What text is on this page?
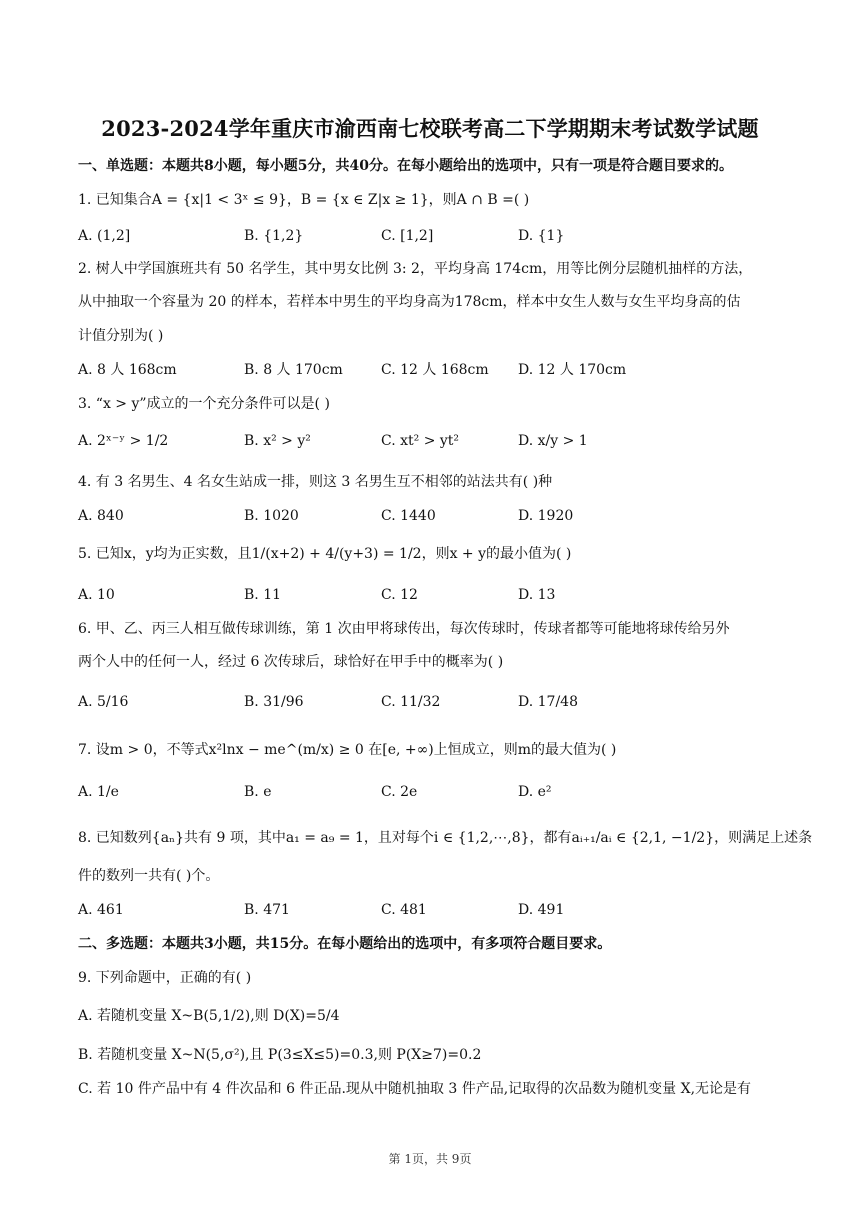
2023-2024学年重庆市渝西南七校联考高二下学期期末考试数学试题
一、单选题：本题共8小题，每小题5分，共40分。在每小题给出的选项中，只有一项是符合题目要求的。
1. 已知集合A = {x|1 < 3ˣ ≤ 9}，B = {x ∈ Z|x ≥ 1}，则A ∩ B =( )
A. (1,2]	B. {1,2}	C. [1,2]	D. {1}
2. 树人中学国旗班共有 50 名学生，其中男女比例 3: 2，平均身高 174cm，用等比例分层随机抽样的方法，
从中抽取一个容量为 20 的样本，若样本中男生的平均身高为178cm，样本中女生人数与女生平均身高的估
计值分别为( )
A. 8 人 168cm	B. 8 人 170cm	C. 12 人 168cm D. 12 人 170cm
3. “x > y”成立的一个充分条件可以是( )
A. 2ˣ⁻ʸ > 1/2	B. x² > y²	C. xt² > yt²	D. x/y > 1
4. 有 3 名男生、4 名女生站成一排，则这 3 名男生互不相邻的站法共有( )种
A. 840	B. 1020	C. 1440	D. 1920
5. 已知x，y均为正实数，且1/(x+2) + 4/(y+3) = 1/2，则x + y的最小值为( )
A. 10	B. 11	C. 12	D. 13
6. 甲、乙、丙三人相互做传球训练，第 1 次由甲将球传出，每次传球时，传球者都等可能地将球传给另外
两个人中的任何一人，经过 6 次传球后，球恰好在甲手中的概率为( )
A. 5/16	B. 31/96	C. 11/32	D. 17/48
7. 设m > 0，不等式x²lnx − me^(m/x) ≥ 0 在[e, +∞)上恒成立，则m的最大值为( )
A. 1/e	B. e	C. 2e	D. e²
8. 已知数列{aₙ}共有 9 项，其中a₁ = a₉ = 1，且对每个i ∈ {1,2,⋯,8}，都有aᵢ₊₁/aᵢ ∈ {2,1, −1/2}，则满足上述条
件的数列一共有( )个。
A. 461	B. 471	C. 481	D. 491
二、多选题：本题共3小题，共15分。在每小题给出的选项中，有多项符合题目要求。
9. 下列命题中，正确的有( )
A. 若随机变量 X~B(5,1/2),则 D(X)=5/4
B. 若随机变量 X~N(5,σ²),且 P(3≤X≤5)=0.3,则 P(X≥7)=0.2
C. 若 10 件产品中有 4 件次品和 6 件正品.现从中随机抽取 3 件产品,记取得的次品数为随机变量 X,无论是有
第 1页，共 9页
